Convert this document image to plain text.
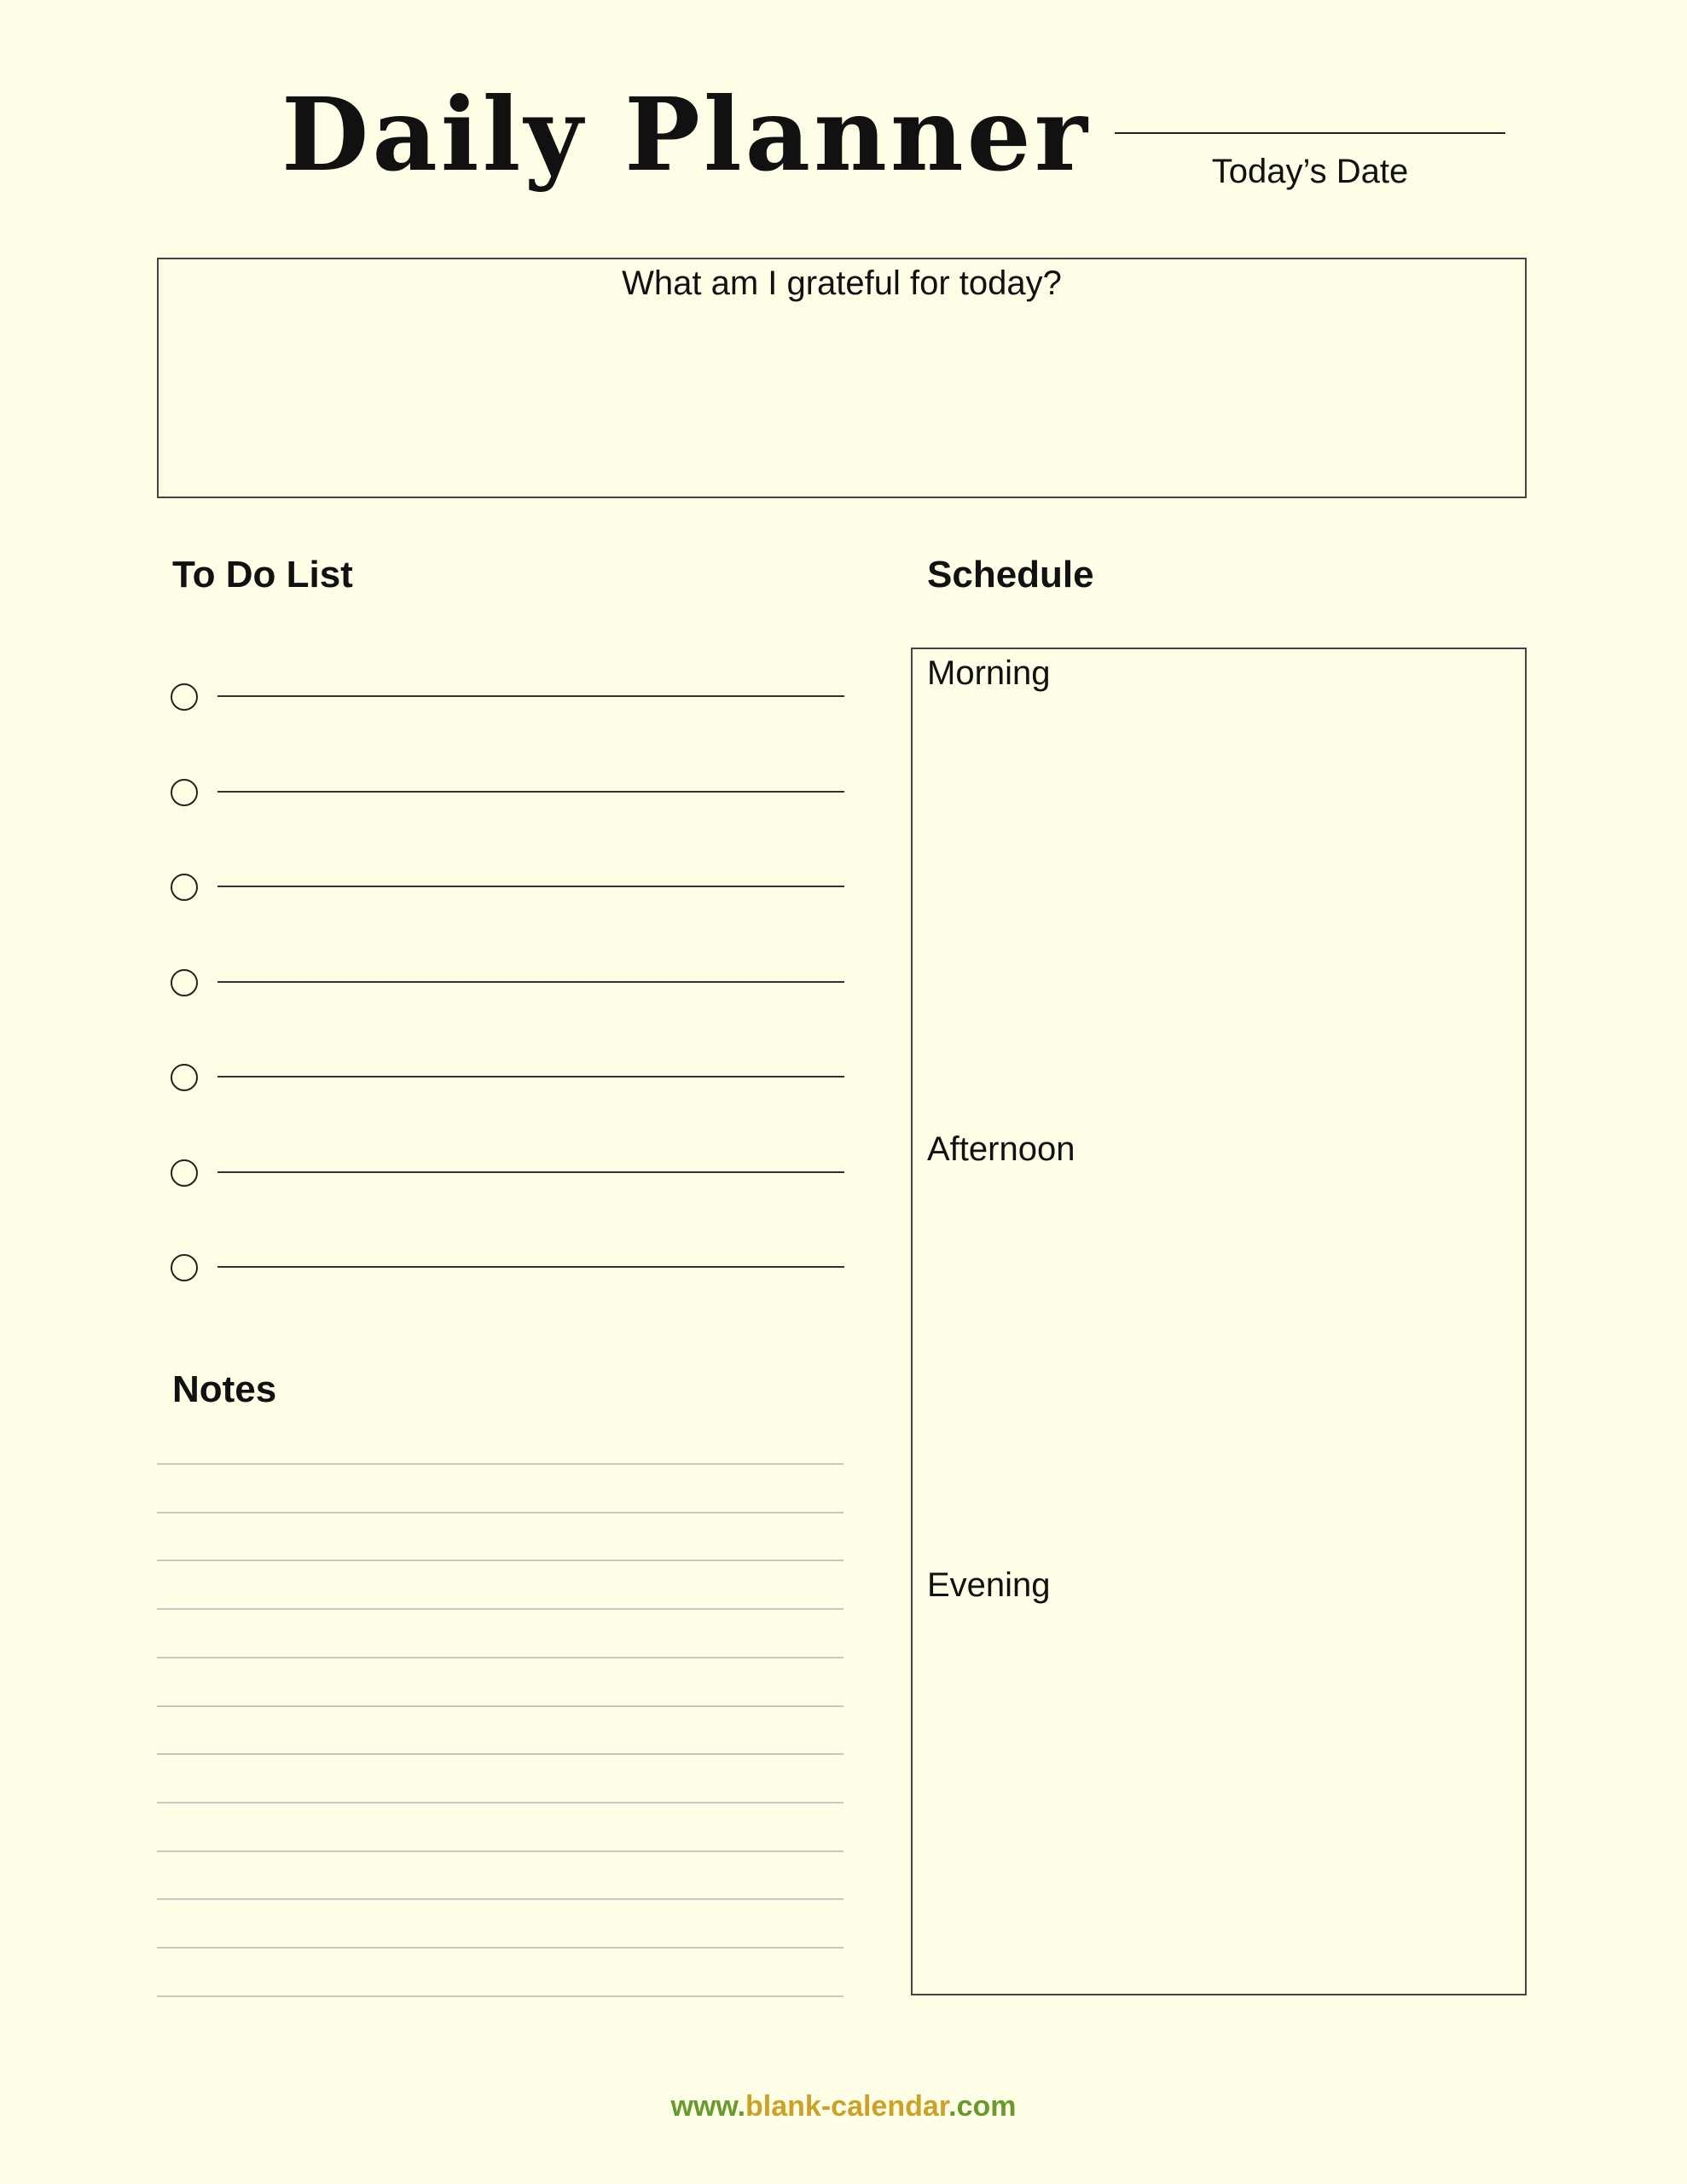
Daily Planner	Today’s Date
What am I grateful for today?
To Do List
Notes
Schedule
Morning
Afternoon
Evening
www.blank-calendar.com
